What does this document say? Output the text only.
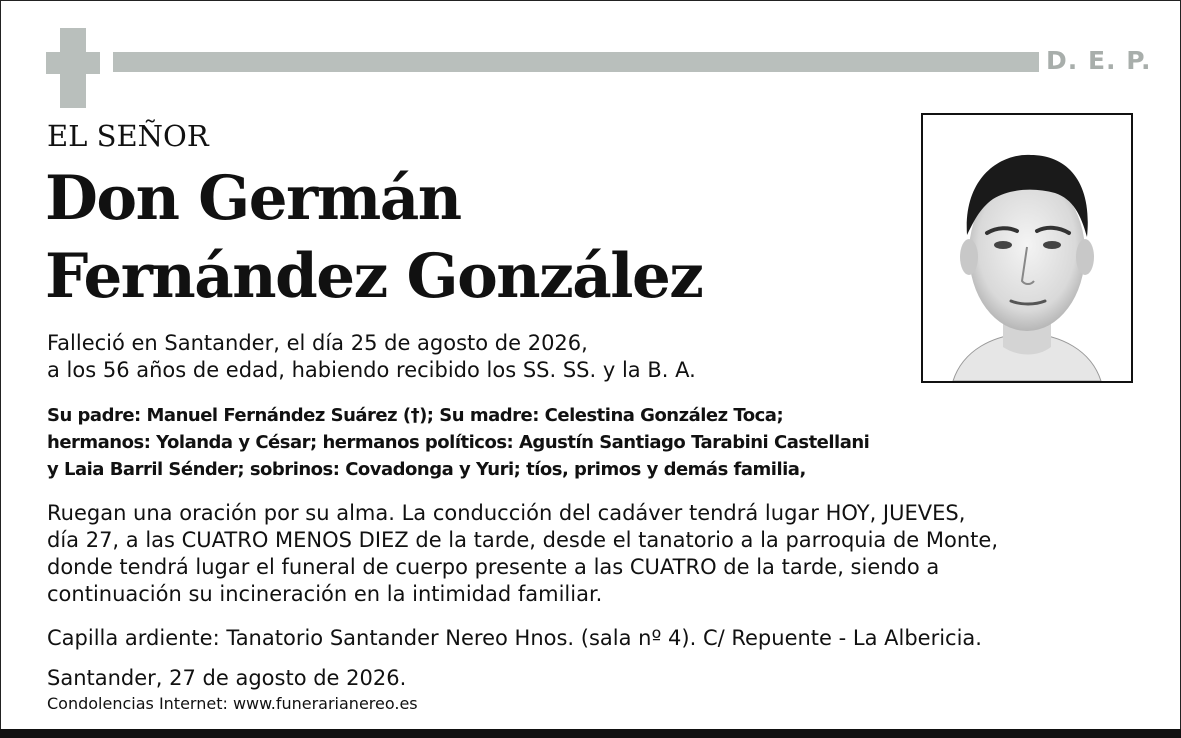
D. E. P.
EL SEÑOR
Don Germán
Fernández González
Falleció en Santander, el día 25 de agosto de 2026,
a los 56 años de edad, habiendo recibido los SS. SS. y la B. A.
Su padre: Manuel Fernández Suárez (†); Su madre: Celestina González Toca;
hermanos: Yolanda y César; hermanos políticos: Agustín Santiago Tarabini Castellani
y Laia Barril Sénder; sobrinos: Covadonga y Yuri; tíos, primos y demás familia,
Ruegan una oración por su alma. La conducción del cadáver tendrá lugar HOY, JUEVES,
día 27, a las CUATRO MENOS DIEZ de la tarde, desde el tanatorio a la parroquia de Monte,
donde tendrá lugar el funeral de cuerpo presente a las CUATRO de la tarde, siendo a
continuación su incineración en la intimidad familiar.
Capilla ardiente: Tanatorio Santander Nereo Hnos. (sala nº 4). C/ Repuente - La Albericia.
Santander, 27 de agosto de 2026.
Condolencias Internet: www.funerarianereo.es
